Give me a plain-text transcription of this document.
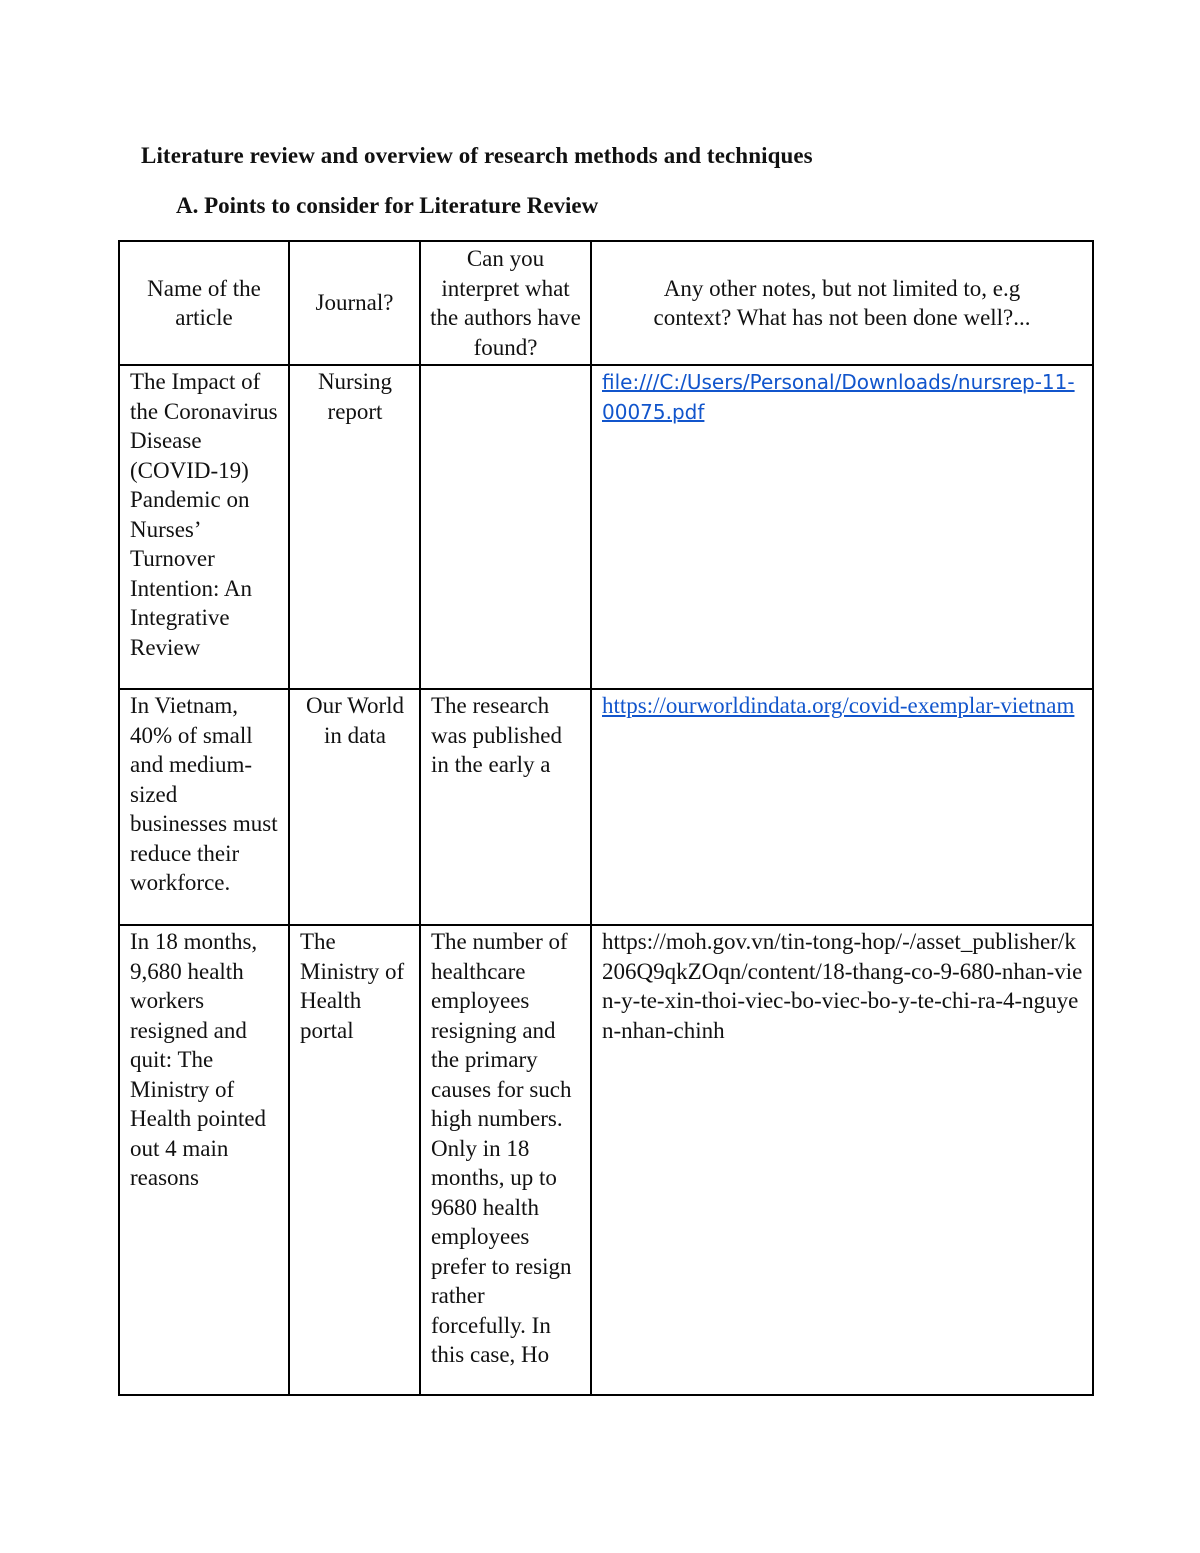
Literature review and overview of research methods and techniques
A. Points to consider for Literature Review
Name of the article	Journal?	Can you interpret what the authors have found?	Any other notes, but not limited to, e.g context? What has not been done well?...
The Impact of the Coronavirus Disease (COVID-19) Pandemic on Nurses’ Turnover Intention: An Integrative Review	Nursing report		file:///C:/Users/Personal/Downloads/nursrep-11-00075.pdf
In Vietnam, 40% of small and medium-sized businesses must reduce their workforce.	Our World in data	The research was published in the early a	https://ourworldindata.org/covid-exemplar-vietnam
In 18 months, 9,680 health workers resigned and quit: The Ministry of Health pointed out 4 main reasons	The Ministry of Health portal	The number of healthcare employees resigning and the primary causes for such high numbers. Only in 18 months, up to 9680 health employees prefer to resign rather forcefully. In this case, Ho	https://moh.gov.vn/tin-tong-hop/-/asset_publisher/k206Q9qkZOqn/content/18-thang-co-9-680-nhan-vien-y-te-xin-thoi-viec-bo-viec-bo-y-te-chi-ra-4-nguyen-nhan-chinh
